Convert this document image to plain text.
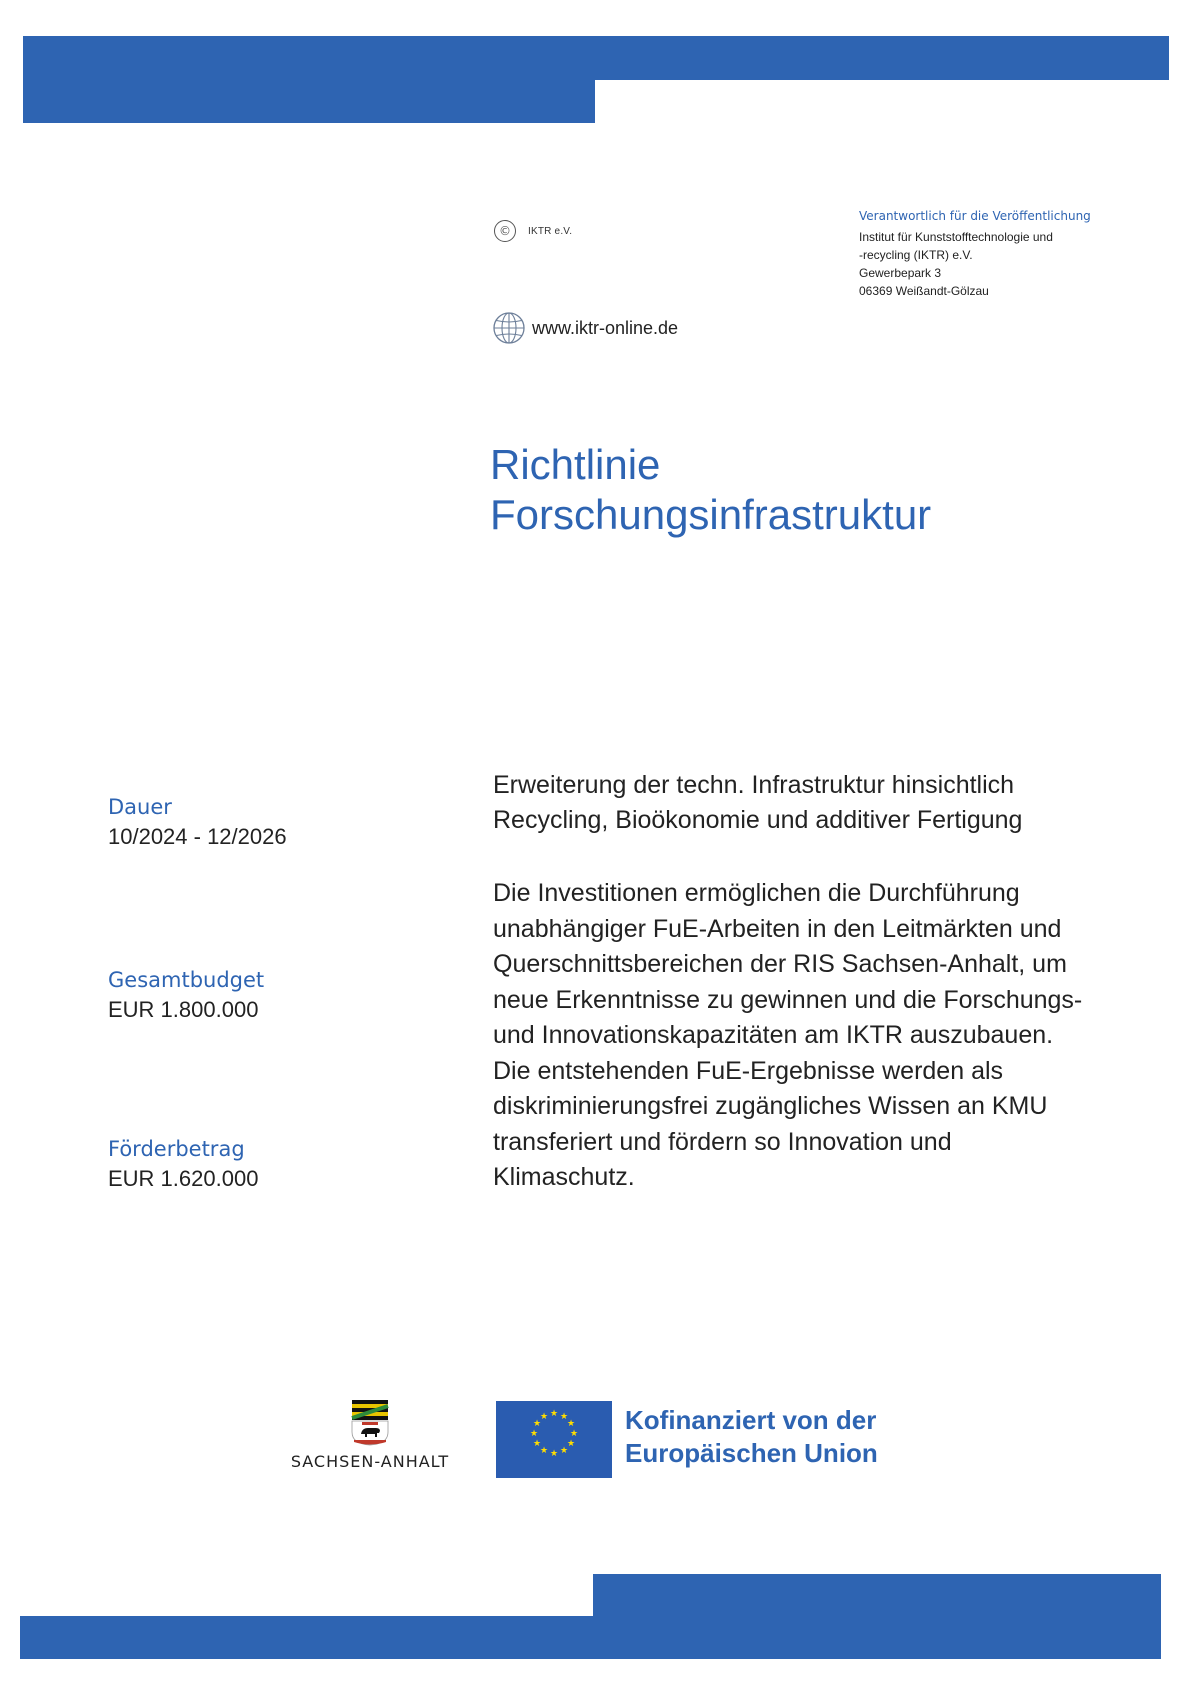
©	IKTR e.V.
www.iktr-online.de
Verantwortlich für die Veröffentlichung
Institut für Kunststofftechnologie und
-recycling (IKTR) e.V.
Gewerbepark 3
06369 Weißandt-Gölzau
Richtlinie
Forschungsinfrastruktur
Dauer
10/2024 - 12/2026
Gesamtbudget
EUR 1.800.000
Förderbetrag
EUR 1.620.000
Erweiterung der techn. Infrastruktur hinsichtlich
Recycling, Bioökonomie und additiver Fertigung
Die Investitionen ermöglichen die Durchführung
unabhängiger FuE-Arbeiten in den Leitmärkten und
Querschnittsbereichen der RIS Sachsen-Anhalt, um
neue Erkenntnisse zu gewinnen und die Forschungs-
und Innovationskapazitäten am IKTR auszubauen.
Die entstehenden FuE-Ergebnisse werden als
diskriminierungsfrei zugängliches Wissen an KMU
transferiert und fördern so Innovation und
Klimaschutz.
SACHSEN-ANHALT
★ ★
★
★
★
★
★
★
★
★
★
★	Kofinanziert von der
Europäischen Union
